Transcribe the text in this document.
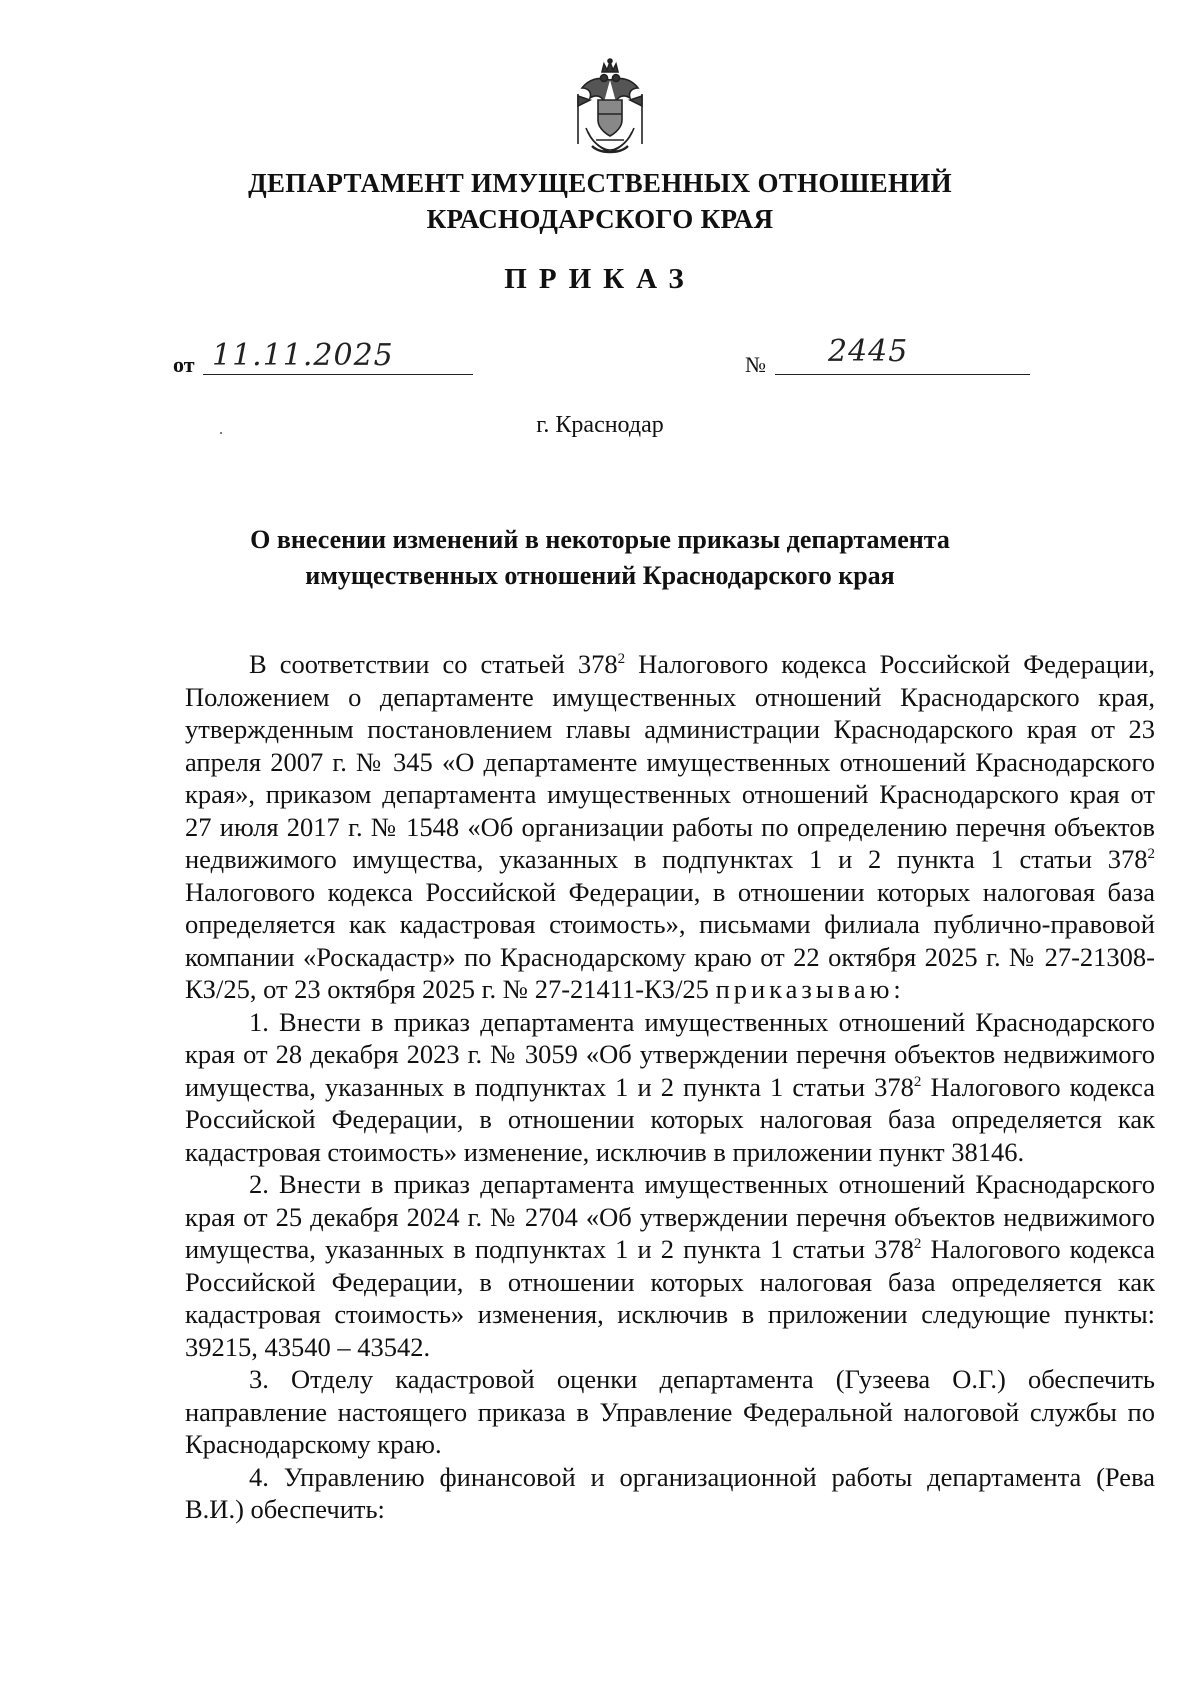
ДЕПАРТАМЕНТ ИМУЩЕСТВЕННЫХ ОТНОШЕНИЙ
КРАСНОДАРСКОГО КРАЯ
ПРИКАЗ
от 11.11.2025	№ 2445
г. Краснодар
О внесении изменений в некоторые приказы департамента
имущественных отношений Краснодарского края

В соответствии со статьей $378^2$ Налогового кодекса Российской Федерации, Положением о департаменте имущественных отношений Краснодарского края, утвержденным постановлением главы администрации Краснодарского края от 23 апреля 2007 г. № 345 «О департаменте имущественных отношений Краснодарского края», приказом департамента имущественных отношений Краснодарского края от 27 июля 2017 г. № 1548 «Об организации работы по определению перечня объектов недвижимого имущества, указанных в подпунктах 1 и 2 пункта 1 статьи $378^2$ Налогового кодекса Российской Федерации, в отношении которых налоговая база определяется как кадастровая стоимость», письмами филиала публично-правовой компании «Роскадастр» по Краснодарскому краю от 22 октября 2025 г. № 27-21308-КЗ/25, от 23 октября 2025 г. № 27-21411-КЗ/25 приказываю:

1. Внести в приказ департамента имущественных отношений Краснодарского края от 28 декабря 2023 г. № 3059 «Об утверждении перечня объектов недвижимого имущества, указанных в подпунктах 1 и 2 пункта 1 статьи $378^2$ Налогового кодекса Российской Федерации, в отношении которых налоговая база определяется как кадастровая стоимость» изменение, исключив в приложении пункт 38146.

2. Внести в приказ департамента имущественных отношений Краснодарского края от 25 декабря 2024 г. № 2704 «Об утверждении перечня объектов недвижимого имущества, указанных в подпунктах 1 и 2 пункта 1 статьи $378^2$ Налогового кодекса Российской Федерации, в отношении которых налоговая база определяется как кадастровая стоимость» изменения, исключив в приложении следующие пункты: 39215, 43540 – 43542.

3. Отделу кадастровой оценки департамента (Гузеева О.Г.) обеспечить направление настоящего приказа в Управление Федеральной налоговой службы по Краснодарскому краю.

4. Управлению финансовой и организационной работы департамента (Рева В.И.) обеспечить:
